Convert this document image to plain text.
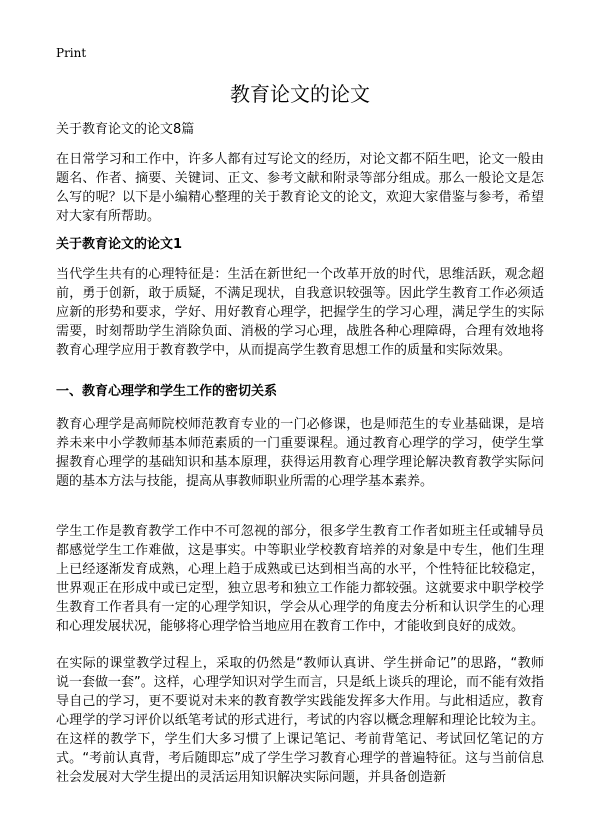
Print
教育论文的论文
关于教育论文的论文8篇

在日常学习和工作中，许多人都有过写论文的经历，对论文都不陌生吧，论文一般由题名、作者、摘要、关键词、正文、参考文献和附录等部分组成。那么一般论文是怎么写的呢？以下是小编精心整理的关于教育论文的论文，欢迎大家借鉴与参考，希望对大家有所帮助。

关于教育论文的论文1

当代学生共有的心理特征是：生活在新世纪一个改革开放的时代，思维活跃，观念超前，勇于创新，敢于质疑，不满足现状，自我意识较强等。因此学生教育工作必须适应新的形势和要求，学好、用好教育心理学，把握学生的学习心理，满足学生的实际需要，时刻帮助学生消除负面、消极的学习心理，战胜各种心理障碍，合理有效地将教育心理学应用于教育教学中，从而提高学生教育思想工作的质量和实际效果。

一、教育心理学和学生工作的密切关系

教育心理学是高师院校师范教育专业的一门必修课，也是师范生的专业基础课，是培养未来中小学教师基本师范素质的一门重要课程。通过教育心理学的学习，使学生掌握教育心理学的基础知识和基本原理，获得运用教育心理学理论解决教育教学实际问题的基本方法与技能，提高从事教师职业所需的心理学基本素养。

学生工作是教育教学工作中不可忽视的部分，很多学生教育工作者如班主任或辅导员都感觉学生工作难做，这是事实。中等职业学校教育培养的对象是中专生，他们生理上已经逐渐发育成熟，心理上趋于成熟或已达到相当高的水平，个性特征比较稳定，世界观正在形成中或已定型，独立思考和独立工作能力都较强。这就要求中职学校学生教育工作者具有一定的心理学知识，学会从心理学的角度去分析和认识学生的心理和心理发展状况，能够将心理学恰当地应用在教育工作中，才能收到良好的成效。

在实际的课堂教学过程上，采取的仍然是“教师认真讲、学生拼命记”的思路，“教师说一套做一套”。这样，心理学知识对学生而言，只是纸上谈兵的理论，而不能有效指导自己的学习，更不要说对未来的教育教学实践能发挥多大作用。与此相适应，教育心理学的学习评价以纸笔考试的形式进行，考试的内容以概念理解和理论比较为主。在这样的教学下，学生们大多习惯了上课记笔记、考前背笔记、考试回忆笔记的方式。“考前认真背，考后随即忘”成了学生学习教育心理学的普遍特征。这与当前信息社会发展对大学生提出的灵活运用知识解决实际问题，并具备创造新
